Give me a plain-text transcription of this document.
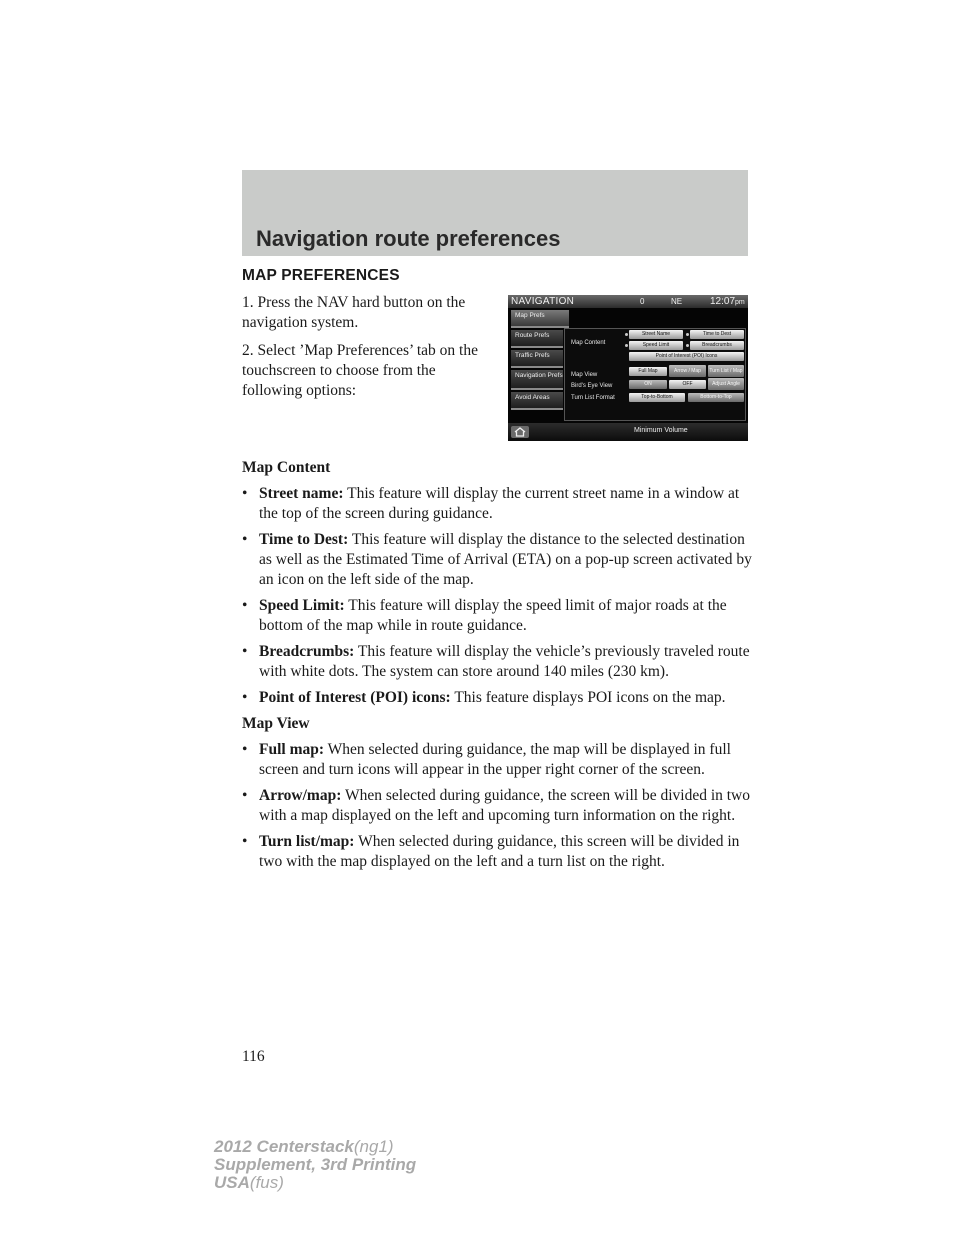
Navigation route preferences
MAP PREFERENCES

1. Press the NAV hard button on the navigation system.

2. Select ’Map Preferences’ tab on the touchscreen to choose from the following options:

NAVIGATION	0	NE	12:07pm
Map Prefs
Route Prefs
Traffic Prefs
Navigation Prefs
Avoid Areas
Map Content
Map View
Bird's Eye View
Turn List Format
Street Name	Time to Dest
Speed Limit	Breadcrumbs
Point of Interest (POI) Icons
Full Map	Arrow / Map	Turn List / Map
ON	OFF	Adjust Angle
Top-to-Bottom	Bottom-to-Top
Minimum Volume

Map Content

• Street name: This feature will display the current street name in a window at the top of the screen during guidance.

• Time to Dest: This feature will display the distance to the selected destination as well as the Estimated Time of Arrival (ETA) on a pop-up screen activated by an icon on the left side of the map.

• Speed Limit: This feature will display the speed limit of major roads at the bottom of the map while in route guidance.

• Breadcrumbs: This feature will display the vehicle’s previously traveled route with white dots. The system can store around 140 miles (230 km).

• Point of Interest (POI) icons: This feature displays POI icons on the map.

Map View

• Full map: When selected during guidance, the map will be displayed in full screen and turn icons will appear in the upper right corner of the screen.

• Arrow/map: When selected during guidance, the screen will be divided in two with a map displayed on the left and upcoming turn information on the right.

• Turn list/map: When selected during guidance, this screen will be divided in two with the map displayed on the left and a turn list on the right.

116
2012 Centerstack(ng1)
Supplement, 3rd Printing
USA(fus)
